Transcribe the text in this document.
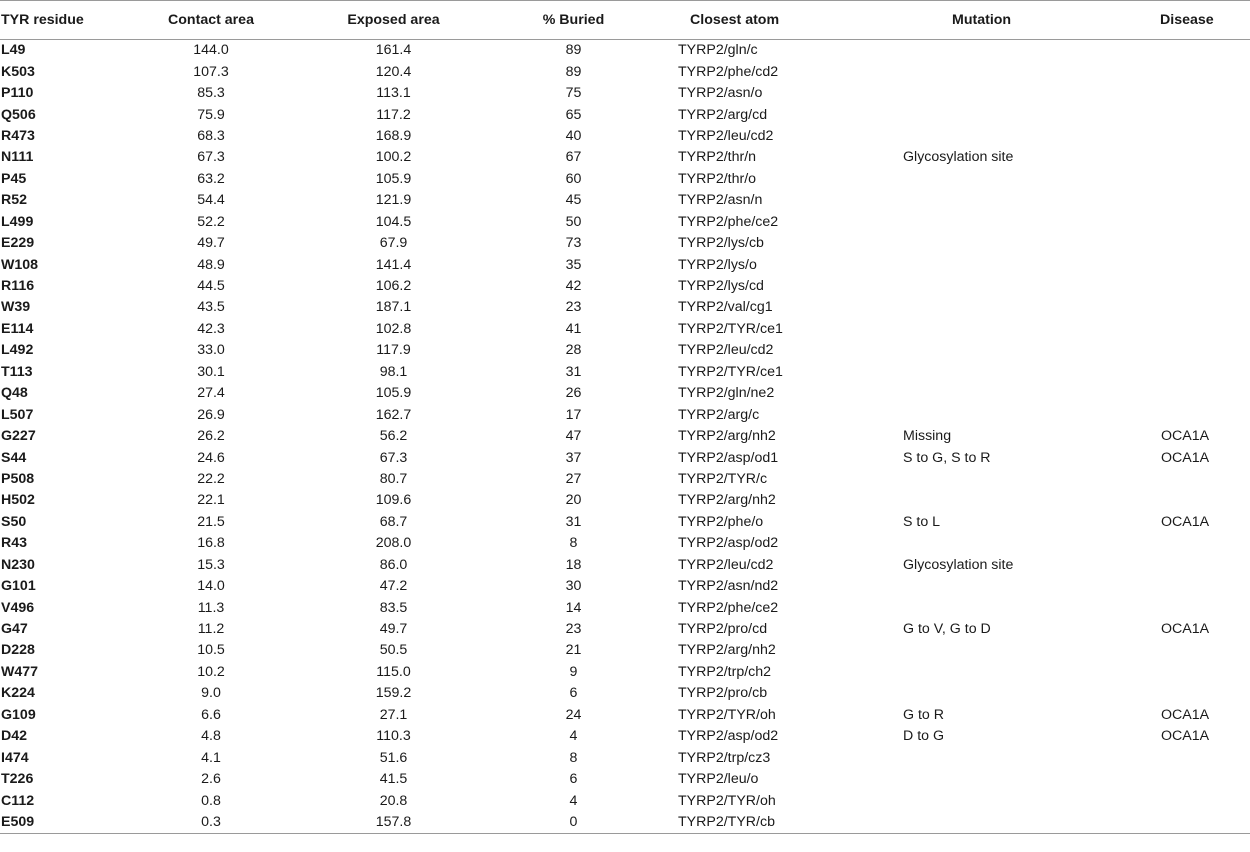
TYR residue	Contact area	Exposed area	% Buried	Closest atom	Mutation	Disease
L49	144.0	161.4	89	TYRP2/gln/c		
K503	107.3	120.4	89	TYRP2/phe/cd2		
P110	85.3	113.1	75	TYRP2/asn/o		
Q506	75.9	117.2	65	TYRP2/arg/cd		
R473	68.3	168.9	40	TYRP2/leu/cd2		
N111	67.3	100.2	67	TYRP2/thr/n	Glycosylation site	
P45	63.2	105.9	60	TYRP2/thr/o		
R52	54.4	121.9	45	TYRP2/asn/n		
L499	52.2	104.5	50	TYRP2/phe/ce2		
E229	49.7	67.9	73	TYRP2/lys/cb		
W108	48.9	141.4	35	TYRP2/lys/o		
R116	44.5	106.2	42	TYRP2/lys/cd		
W39	43.5	187.1	23	TYRP2/val/cg1		
E114	42.3	102.8	41	TYRP2/TYR/ce1		
L492	33.0	117.9	28	TYRP2/leu/cd2		
T113	30.1	98.1	31	TYRP2/TYR/ce1		
Q48	27.4	105.9	26	TYRP2/gln/ne2		
L507	26.9	162.7	17	TYRP2/arg/c		
G227	26.2	56.2	47	TYRP2/arg/nh2	Missing	OCA1A
S44	24.6	67.3	37	TYRP2/asp/od1	S to G, S to R	OCA1A
P508	22.2	80.7	27	TYRP2/TYR/c		
H502	22.1	109.6	20	TYRP2/arg/nh2		
S50	21.5	68.7	31	TYRP2/phe/o	S to L	OCA1A
R43	16.8	208.0	8	TYRP2/asp/od2		
N230	15.3	86.0	18	TYRP2/leu/cd2	Glycosylation site	
G101	14.0	47.2	30	TYRP2/asn/nd2		
V496	11.3	83.5	14	TYRP2/phe/ce2		
G47	11.2	49.7	23	TYRP2/pro/cd	G to V, G to D	OCA1A
D228	10.5	50.5	21	TYRP2/arg/nh2		
W477	10.2	115.0	9	TYRP2/trp/ch2		
K224	9.0	159.2	6	TYRP2/pro/cb		
G109	6.6	27.1	24	TYRP2/TYR/oh	G to R	OCA1A
D42	4.8	110.3	4	TYRP2/asp/od2	D to G	OCA1A
I474	4.1	51.6	8	TYRP2/trp/cz3		
T226	2.6	41.5	6	TYRP2/leu/o		
C112	0.8	20.8	4	TYRP2/TYR/oh		
E509	0.3	157.8	0	TYRP2/TYR/cb		
